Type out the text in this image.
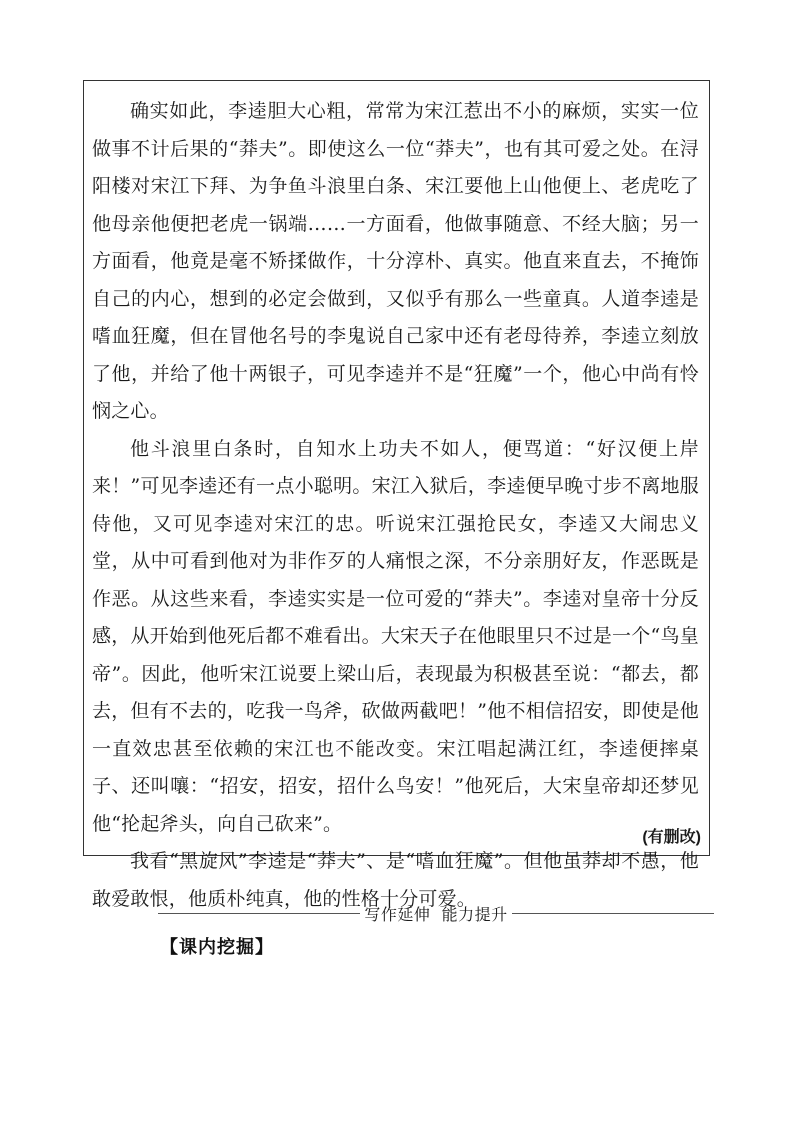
确实如此，李逵胆大心粗，常常为宋江惹出不小的麻烦，实实一位做事不计后果的“莽夫”。即使这么一位“莽夫”，也有其可爱之处。在浔阳楼对宋江下拜、为争鱼斗浪里白条、宋江要他上山他便上、老虎吃了他母亲他便把老虎一锅端……一方面看，他做事随意、不经大脑；另一方面看，他竟是毫不矫揉做作，十分淳朴、真实。他直来直去，不掩饰自己的内心，想到的必定会做到，又似乎有那么一些童真。人道李逵是嗜血狂魔，但在冒他名号的李鬼说自己家中还有老母待养，李逵立刻放了他，并给了他十两银子，可见李逵并不是“狂魔”一个，他心中尚有怜悯之心。

他斗浪里白条时，自知水上功夫不如人，便骂道：“好汉便上岸来！”可见李逵还有一点小聪明。宋江入狱后，李逵便早晚寸步不离地服侍他，又可见李逵对宋江的忠。听说宋江强抢民女，李逵又大闹忠义堂，从中可看到他对为非作歹的人痛恨之深，不分亲朋好友，作恶既是作恶。从这些来看，李逵实实是一位可爱的“莽夫”。李逵对皇帝十分反感，从开始到他死后都不难看出。大宋天子在他眼里只不过是一个“鸟皇帝”。因此，他听宋江说要上梁山后，表现最为积极甚至说：“都去，都去，但有不去的，吃我一鸟斧，砍做两截吧！”他不相信招安，即使是他一直效忠甚至依赖的宋江也不能改变。宋江唱起满江红，李逵便摔桌子、还叫嚷：“招安，招安，招什么鸟安！”他死后，大宋皇帝却还梦见他“抡起斧头，向自己砍来”。

我看“黑旋风”李逵是“莽夫”、是“嗜血狂魔”。但他虽莽却不愚，他敢爱敢恨，他质朴纯真，他的性格十分可爱。

(有删改)
写作延伸  能力提升
【课内挖掘】
